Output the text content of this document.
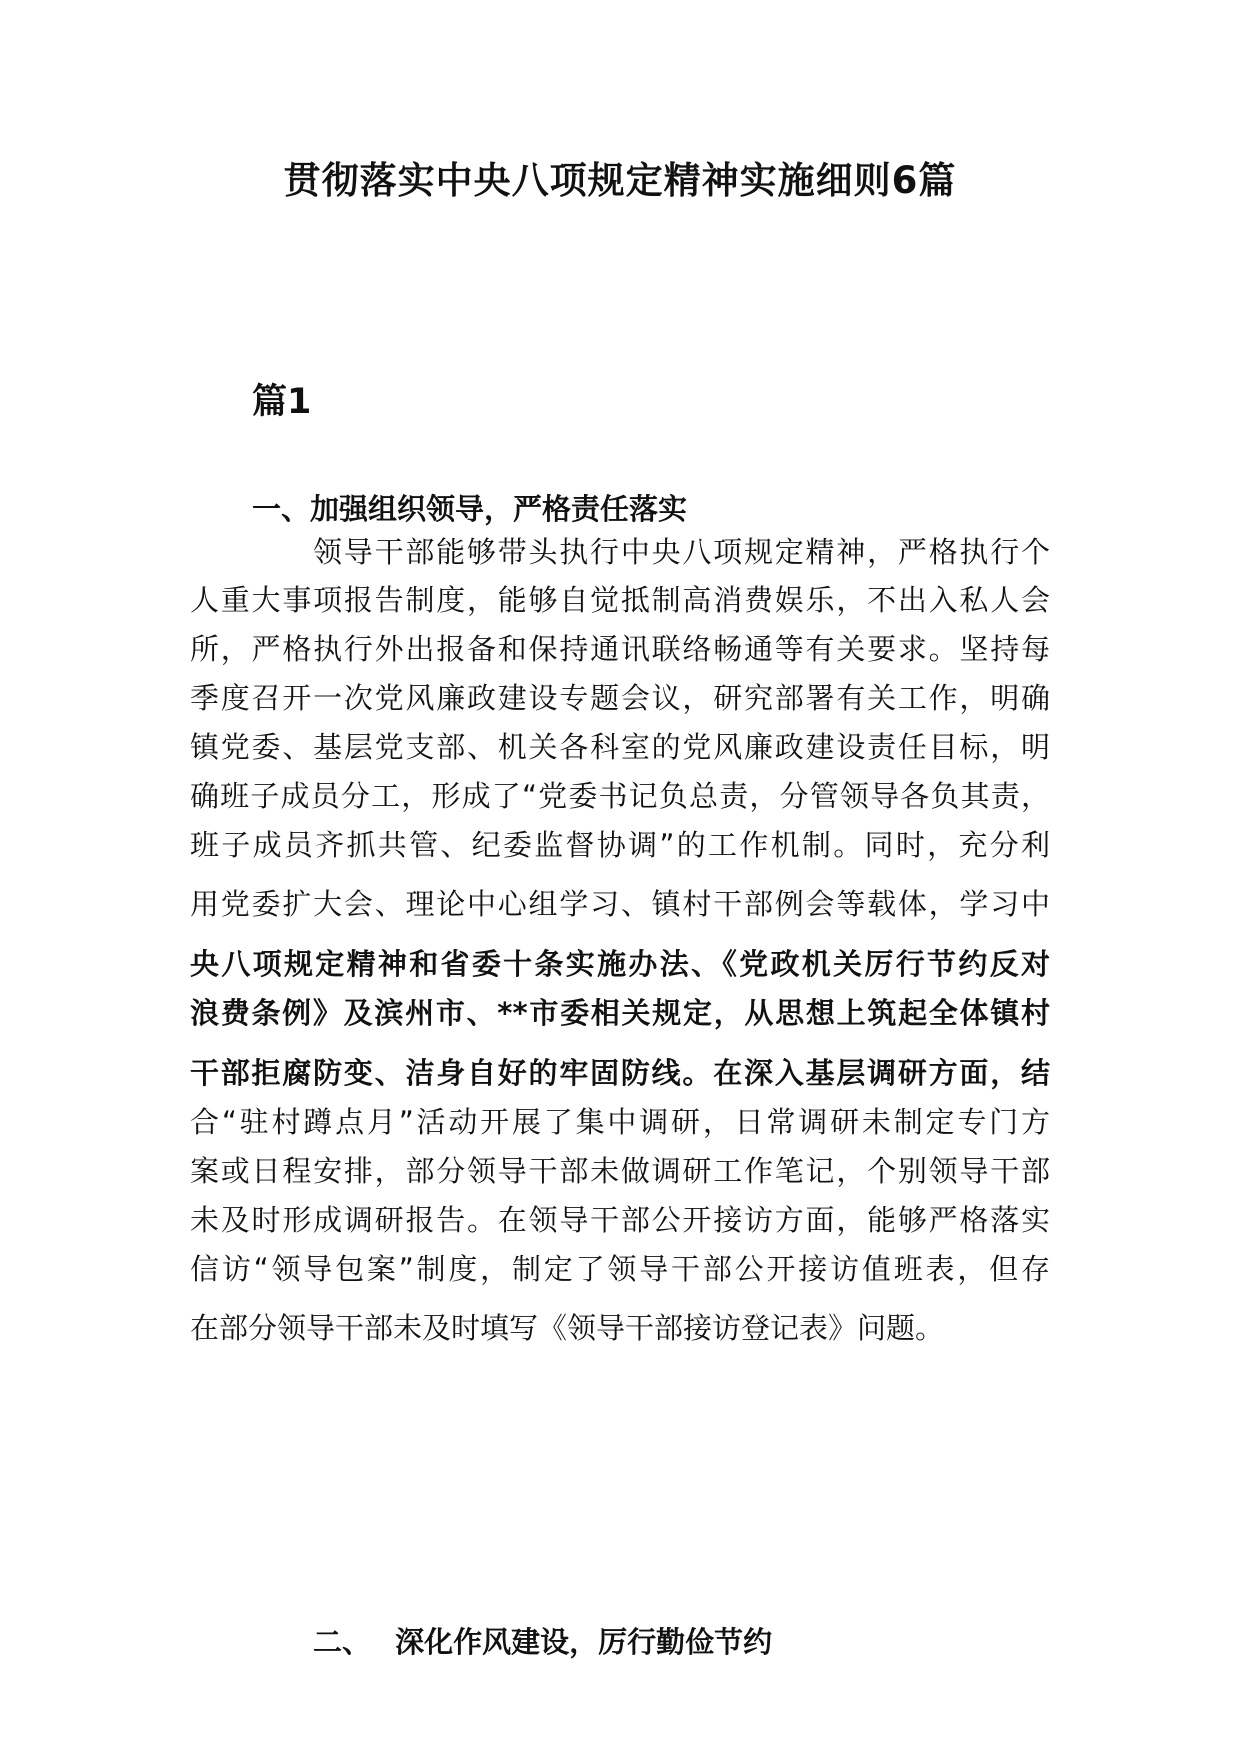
贯彻落实中央八项规定精神实施细则6篇
篇1
一、加强组织领导，严格责任落实

领导干部能够带头执行中央八项规定精神，严格执行个

人重大事项报告制度，能够自觉抵制高消费娱乐，不出入私人会

所，严格执行外出报备和保持通讯联络畅通等有关要求。坚持每

季度召开一次党风廉政建设专题会议，研究部署有关工作，明确

镇党委、基层党支部、机关各科室的党风廉政建设责任目标，明

确班子成员分工，形成了“党委书记负总责，分管领导各负其责，

班子成员齐抓共管、纪委监督协调”的工作机制。同时，充分利

用党委扩大会、理论中心组学习、镇村干部例会等载体，学习中

央八项规定精神和省委十条实施办法、《党政机关厉行节约反对

浪费条例》及滨州市、**市委相关规定，从思想上筑起全体镇村

干部拒腐防变、洁身自好的牢固防线。在深入基层调研方面，结

合“驻村蹲点月”活动开展了集中调研，日常调研未制定专门方

案或日程安排，部分领导干部未做调研工作笔记，个别领导干部

未及时形成调研报告。在领导干部公开接访方面，能够严格落实

信访“领导包案”制度，制定了领导干部公开接访值班表，但存

在部分领导干部未及时填写《领导干部接访登记表》问题。

二、 深化作风建设，厉行勤俭节约
